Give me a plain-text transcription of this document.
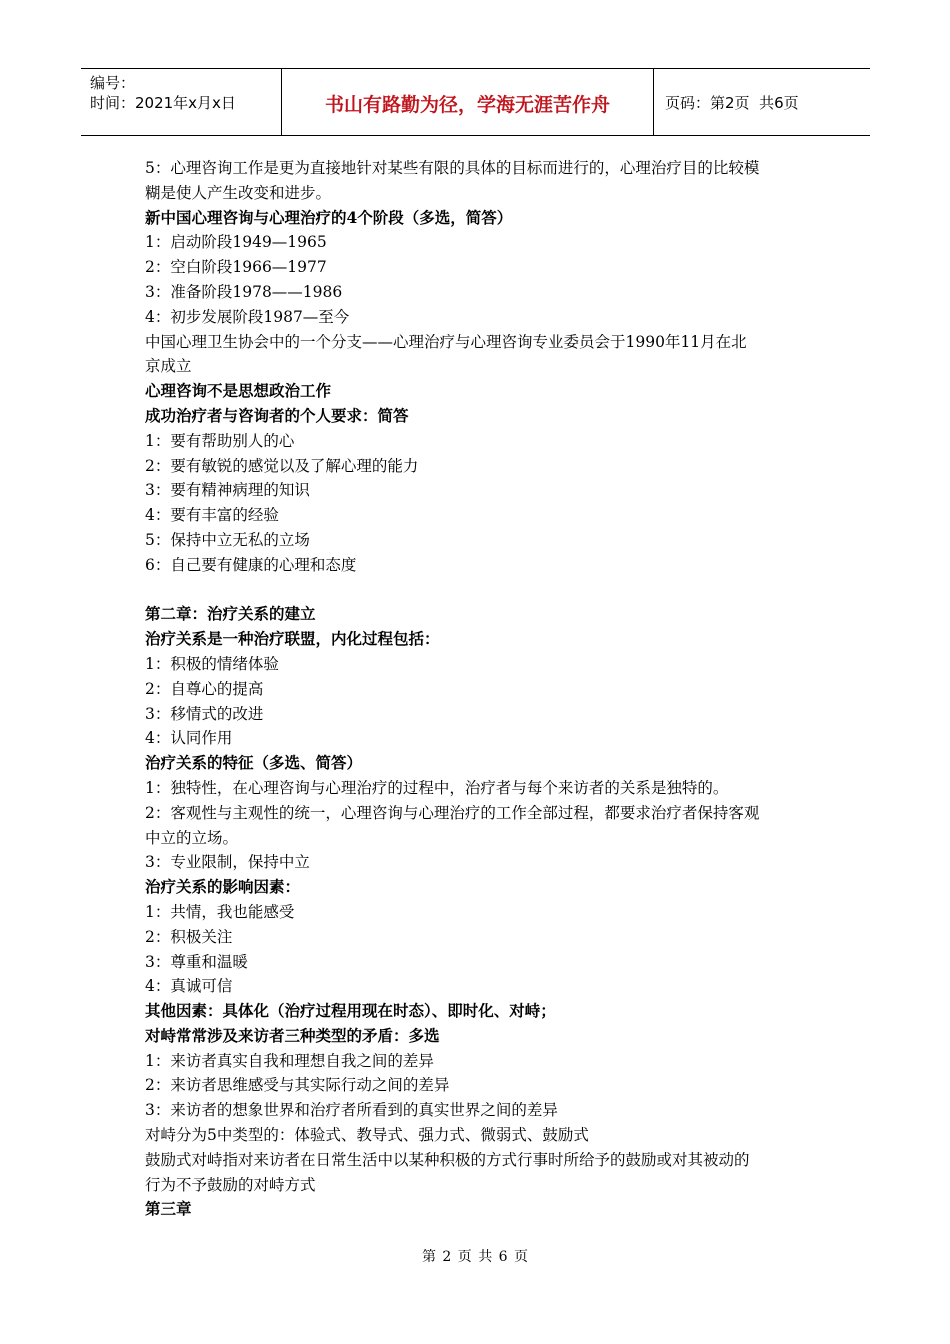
编号：
时间：2021年x月x日	书山有路勤为径，学海无涯苦作舟	页码：第2页  共6页

5：心理咨询工作是更为直接地针对某些有限的具体的目标而进行的，心理治疗目的比较模

糊是使人产生改变和进步。

新中国心理咨询与心理治疗的4个阶段（多选，简答）

1：启动阶段1949—1965

2：空白阶段1966—1977

3：准备阶段1978——1986

4：初步发展阶段1987—至今

中国心理卫生协会中的一个分支——心理治疗与心理咨询专业委员会于1990年11月在北

京成立

心理咨询不是思想政治工作

成功治疗者与咨询者的个人要求：简答

1：要有帮助别人的心

2：要有敏锐的感觉以及了解心理的能力

3：要有精神病理的知识

4：要有丰富的经验

5：保持中立无私的立场

6：自己要有健康的心理和态度

第二章：治疗关系的建立

治疗关系是一种治疗联盟，内化过程包括：

1：积极的情绪体验

2：自尊心的提高

3：移情式的改进

4：认同作用

治疗关系的特征（多选、简答）

1：独特性，在心理咨询与心理治疗的过程中，治疗者与每个来访者的关系是独特的。

2：客观性与主观性的统一，心理咨询与心理治疗的工作全部过程，都要求治疗者保持客观

中立的立场。

3：专业限制，保持中立

治疗关系的影响因素：

1：共情，我也能感受

2：积极关注

3：尊重和温暖

4：真诚可信

其他因素：具体化（治疗过程用现在时态）、即时化、对峙；

对峙常常涉及来访者三种类型的矛盾：多选

1：来访者真实自我和理想自我之间的差异

2：来访者思维感受与其实际行动之间的差异

3：来访者的想象世界和治疗者所看到的真实世界之间的差异

对峙分为5中类型的：体验式、教导式、强力式、微弱式、鼓励式

鼓励式对峙指对来访者在日常生活中以某种积极的方式行事时所给予的鼓励或对其被动的

行为不予鼓励的对峙方式

第三章

第 2 页 共 6 页
